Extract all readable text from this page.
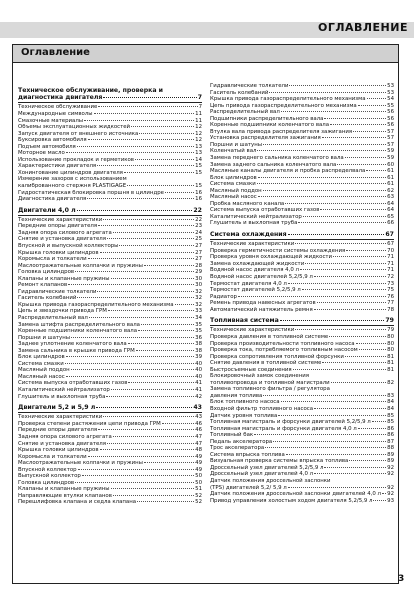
ОГЛАВЛЕНИЕ
Оглавление
Техническое обслуживание, проверка и
диагностика двигателя	7
Техническое обслуживание	7
Международные символы	11
Смазочные материалы	11
Объемы эксплуатационных жидкостей	12
Запуск двигателя от внешнего источника	12
Буксировка автомобиля	12
Подъем автомобиля	13
Моторное масло	13
Использование прокладок и герметиков	14
Характеристики двигателя	15
Хонингование цилиндров двигателя	15
Измерение зазоров с использованием
калиброванного стержня PLASTIGAGE	15
Гидростатическая блокировка поршня в цилиндре	16
Диагностика двигателя	16
Двигатели 4,0 л	22
Технические характеристики	22
Передние опоры двигателя	23
Задняя опора силового агрегата	24
Снятие и установка двигателя	25
Впускной и выпускной коллекторы	27
Крышка головки цилиндров	27
Коромысла и толкатели	27
Маслоотражательные колпачки и пружины	28
Головка цилиндров	29
Клапаны и клапанные пружины	30
Ремонт клапанов	30
Гидравлические толкатели	32
Гаситель колебаний	32
Крышка привода газораспределительного механизма	32
Цепь и звездочки привода ГРМ	33
Распределительный вал	34
Замена штифта распределительного вала	35
Коренные подшипники коленчатого вала	35
Поршни и шатуны	36
Заднее уплотнение коленчатого вала	38
Замена сальника в крышке привода ГРМ	38
Блок цилиндров	39
Система смазки	40
Масляный поддон	40
Масляный насос	40
Система выпуска отработавших газов	41
Каталитический нейтрализатор	41
Глушитель и выхлопная труба	42
Двигатели 5,2 и 5,9 л	43
Технические характеристики	43
Проверка степени растяжения цепи привода ГРМ	46
Передние опоры двигателя	46
Задняя опора силового агрегата	47
Снятие и установка двигателя	47
Крышка головки цилиндров	48
Коромысла и толкатели	49
Маслоотражательные колпачки и пружины	49
Впускной коллектор	49
Выпускной коллектор	50
Головка цилиндров	50
Клапаны и клапанные пружины	51
Направляющие втулки клапанов	52
Перешлифовка клапана и седла клапана	52
Гидравлические толкатели	53
Гаситель колебаний	53
Крышка привода газораспределительного механизма	54
Цепь привода газораспределительного механизма	55
Распределительный вал	56
Подшипники распределительного вала	56
Коренные подшипники коленчатого вала	56
Втулка вала привода распределителя зажигания	57
Установка распределителя зажигания	57
Поршни и шатуны	57
Коленчатый вал	59
Замена переднего сальника коленчатого вала	59
Замена заднего сальника коленчатого вала	60
Масляные каналы двигателя и пробка распределвала	61
Блок цилиндров	61
Система смазки	61
Масляный поддон	62
Масляный насос	63
Пробка масляного канала	64
Система выпуска отработавших газов	64
Каталитический нейтрализатор	65
Глушитель и выхлопная труба	66
Система охлаждения	67
Технические характеристики	67
Проверка герметичности системы охлаждения	70
Проверка уровня охлаждающей жидкости	71
Замена охлаждающей жидкости	71
Водяной насос двигателя 4,0 л	71
Водяной насос двигателей 5,2/5,9 л	72
Термостат двигателя 4,0 л	73
Термостат двигателей 5,2/5,9 л	75
Радиатор	76
Ремень привода навесных агрегатов	77
Автоматический натяжитель ремня	78
Топливная система	79
Технические характеристики	79
Проверка давления в топливной системе	80
Проверка производительности топливного насоса	80
Проверка тока, потребляемого топливным насосом	80
Проверка сопротивления топливной форсунки	81
Снятие давления в топливной системе	81
Быстросъемные соединения	81
Блокировочный замок соединения
топливопровода и топливной магистрали	82
Замена топливного фильтра / регулятора
давления топлива	83
Блок топливного насоса	84
Входной фильтр топливного насоса	84
Датчик уровня топлива	85
Топливная магистраль и форсунки двигателей 5,2/5,9 л	85
Топливная магистраль и форсунки двигателя 4,0 л	86
Топливный бак	86
Педаль акселератора	87
Трос акселератора	88
Система впрыска топлива	89
Визуальная проверка системы впрыска топлива	89
Дроссельный узел двигателей 5,2/5,9 л	92
Дроссельный узел двигателей 4,0 л	92
Датчик положения дроссельной заслонки
(TPS) двигателей 5,2/ 5,9 л	92
Датчик положения дроссельной заслонки двигателей 4,0 л 92
Привод управления холостым ходом двигателя 5,2/5,9 л	93
3
